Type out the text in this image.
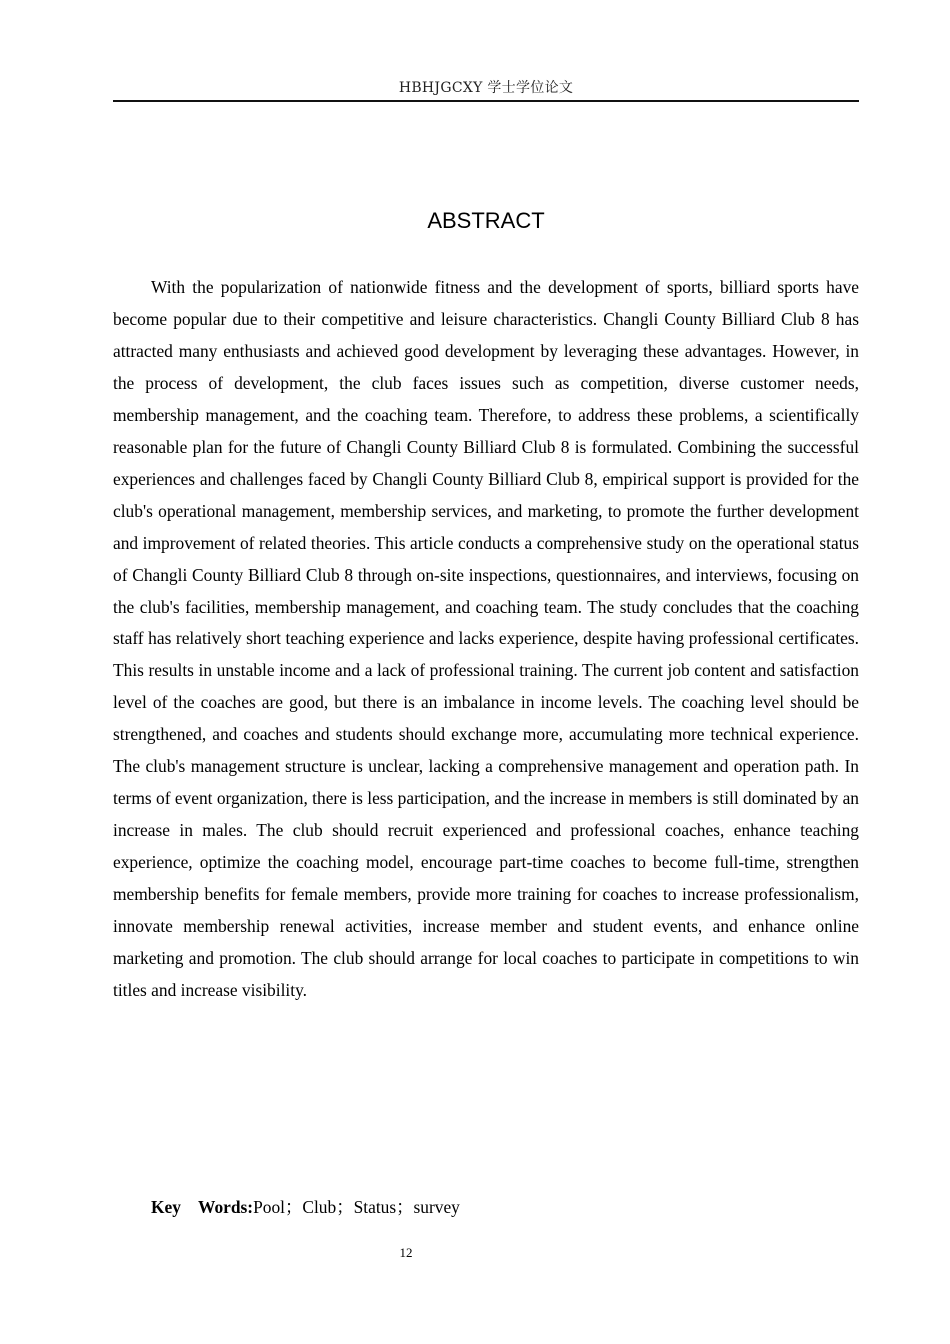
HBHJGCXY 学士学位论文
ABSTRACT

With the popularization of nationwide fitness and the development of sports, billiard sports have become popular due to their competitive and leisure characteristics. Changli County Billiard Club 8 has attracted many enthusiasts and achieved good development by leveraging these advantages. However, in the process of development, the club faces issues such as competition, diverse customer needs, membership management, and the coaching team. Therefore, to address these problems, a scientifically reasonable plan for the future of Changli County Billiard Club 8 is formulated. Combining the successful experiences and challenges faced by Changli County Billiard Club 8, empirical support is provided for the club's operational management, membership services, and marketing, to promote the further development and improvement of related theories. This article conducts a comprehensive study on the operational status of Changli County Billiard Club 8 through on-site inspections, questionnaires, and interviews, focusing on the club's facilities, membership management, and coaching team. The study concludes that the coaching staff has relatively short teaching experience and lacks experience, despite having professional certificates. This results in unstable income and a lack of professional training. The current job content and satisfaction level of the coaches are good, but there is an imbalance in income levels. The coaching level should be strengthened, and coaches and students should exchange more, accumulating more technical experience. The club's management structure is unclear, lacking a comprehensive management and operation path. In terms of event organization, there is less participation, and the increase in members is still dominated by an increase in males. The club should recruit experienced and professional coaches, enhance teaching experience, optimize the coaching model, encourage part-time coaches to become full-time, strengthen membership benefits for female members, provide more training for coaches to increase professionalism, innovate membership renewal activities, increase member and student events, and enhance online marketing and promotion. The club should arrange for local coaches to participate in competitions to win titles and increase visibility.

Key    Words:Pool；Club；Status；survey
12
